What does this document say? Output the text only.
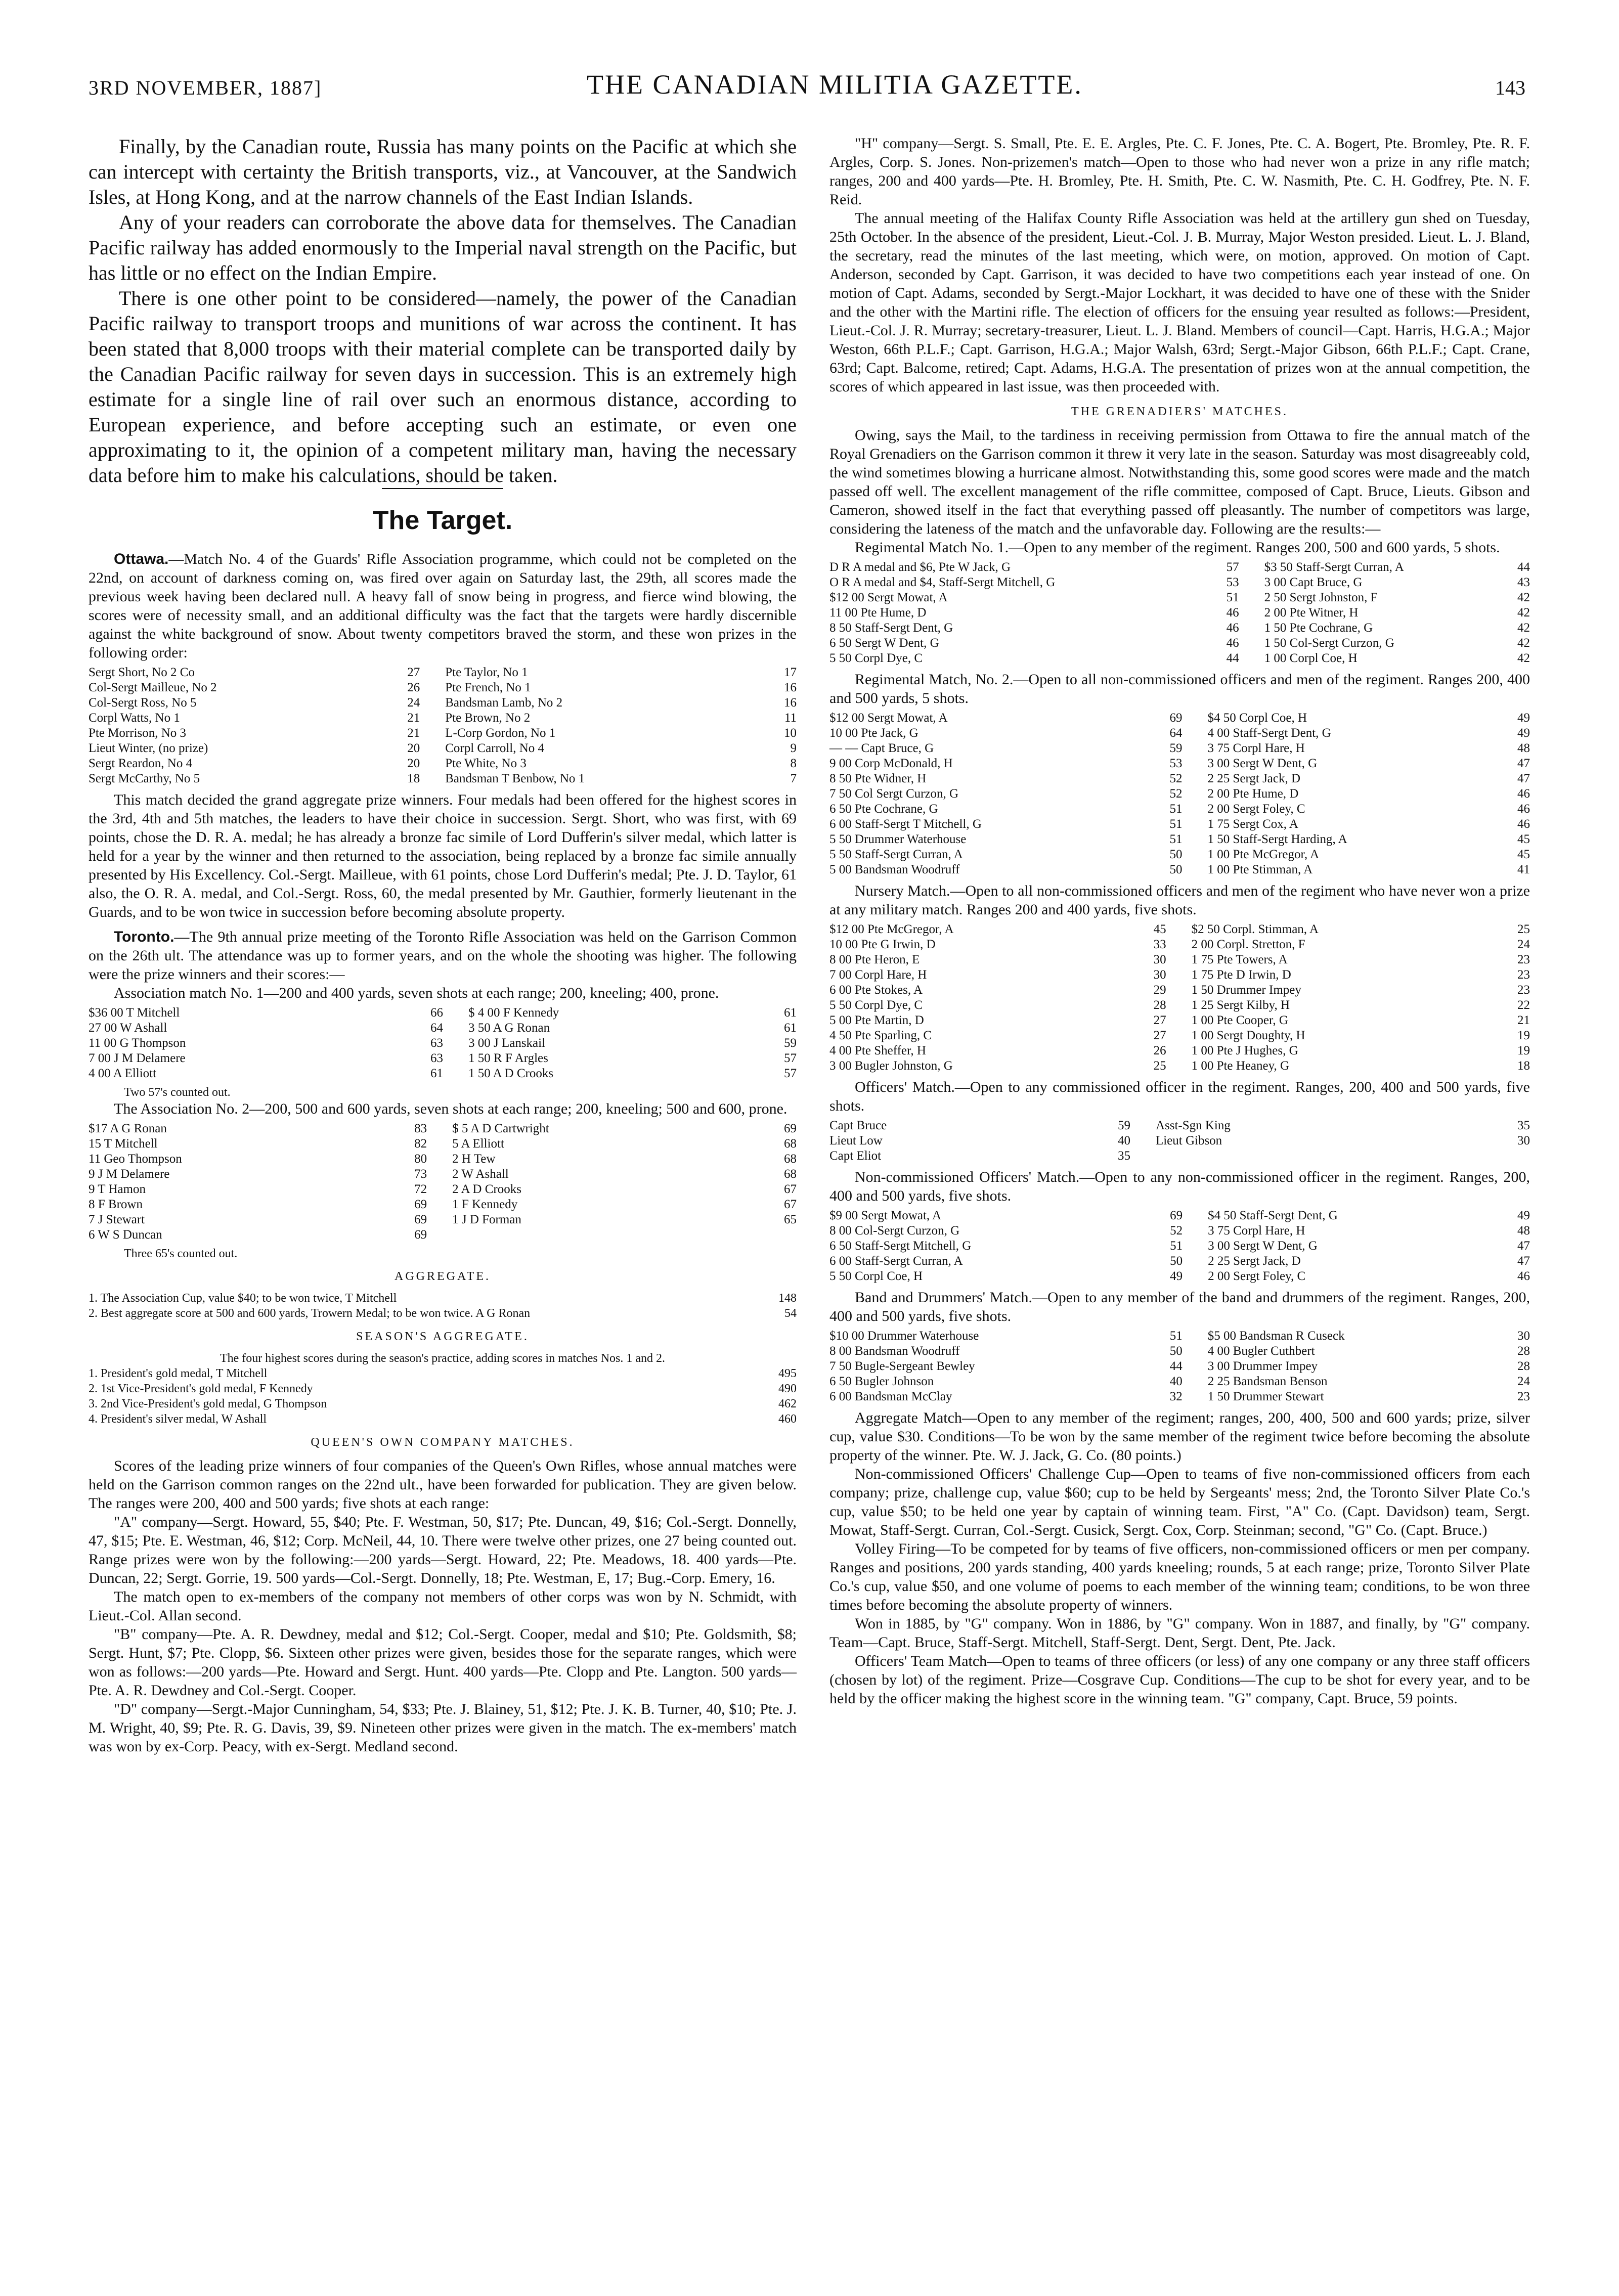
3RD NOVEMBER, 1887]	THE CANADIAN MILITIA GAZETTE.	143

Finally, by the Canadian route, Russia has many points on the Pacific at which she can intercept with certainty the British transports, viz., at Vancouver, at the Sandwich Isles, at Hong Kong, and at the narrow channels of the East Indian Islands.

Any of your readers can corroborate the above data for themselves. The Canadian Pacific railway has added enormously to the Imperial naval strength on the Pacific, but has little or no effect on the Indian Empire.

There is one other point to be considered—namely, the power of the Canadian Pacific railway to transport troops and munitions of war across the continent. It has been stated that 8,000 troops with their material complete can be transported daily by the Canadian Pacific railway for seven days in succession. This is an extremely high estimate for a single line of rail over such an enormous distance, according to European experience, and before accepting such an estimate, or even one approximating to it, the opinion of a competent military man, having the necessary data before him to make his calculations, should be taken.

The Target.

Ottawa.—Match No. 4 of the Guards' Rifle Association programme, which could not be completed on the 22nd, on account of darkness coming on, was fired over again on Saturday last, the 29th, all scores made the previous week having been declared null. A heavy fall of snow being in progress, and fierce wind blowing, the scores were of necessity small, and an additional difficulty was the fact that the targets were hardly discernible against the white background of snow. About twenty competitors braved the storm, and these won prizes in the following order:

Sergt Short, No 2 Co	27	Pte Taylor, No 1	17
Col-Sergt Mailleue, No 2	26	Pte French, No 1	16
Col-Sergt Ross, No 5	24	Bandsman Lamb, No 2	16
Corpl Watts, No 1	21	Pte Brown, No 2	11
Pte Morrison, No 3	21	L-Corp Gordon, No 1	10
Lieut Winter, (no prize)	20	Corpl Carroll, No 4	9
Sergt Reardon, No 4	20	Pte White, No 3	8
Sergt McCarthy, No 5	18	Bandsman T Benbow, No 1	7

This match decided the grand aggregate prize winners. Four medals had been offered for the highest scores in the 3rd, 4th and 5th matches, the leaders to have their choice in succession. Sergt. Short, who was first, with 69 points, chose the D. R. A. medal; he has already a bronze fac simile of Lord Dufferin's silver medal, which latter is held for a year by the winner and then returned to the association, being replaced by a bronze fac simile annually presented by His Excellency. Col.-Sergt. Mailleue, with 61 points, chose Lord Dufferin's medal; Pte. J. D. Taylor, 61 also, the O. R. A. medal, and Col.-Sergt. Ross, 60, the medal presented by Mr. Gauthier, formerly lieutenant in the Guards, and to be won twice in succession before becoming absolute property.

Toronto.—The 9th annual prize meeting of the Toronto Rifle Association was held on the Garrison Common on the 26th ult. The attendance was up to former years, and on the whole the shooting was higher. The following were the prize winners and their scores:—

Association match No. 1—200 and 400 yards, seven shots at each range; 200, kneeling; 400, prone.

$36 00 T Mitchell	66	$ 4 00 F Kennedy	61
27 00 W Ashall	64	3 50 A G Ronan	61
11 00 G Thompson	63	3 00 J Lanskail	59
7 00 J M Delamere	63	1 50 R F Argles	57
4 00 A Elliott	61	1 50 A D Crooks	57
Two 57's counted out.

The Association No. 2—200, 500 and 600 yards, seven shots at each range; 200, kneeling; 500 and 600, prone.

$17 A G Ronan	83	$ 5 A D Cartwright	69
15 T Mitchell	82	5 A Elliott	68
11 Geo Thompson	80	2 H Tew	68
9 J M Delamere	73	2 W Ashall	68
9 T Hamon	72	2 A D Crooks	67
8 F Brown	69	1 F Kennedy	67
7 J Stewart	69	1 J D Forman	65
6 W S Duncan	69		
Three 65's counted out.
AGGREGATE.
1. The Association Cup, value $40; to be won twice, T Mitchell	148
2. Best aggregate score at 500 and 600 yards, Trowern Medal; to be won twice. A G Ronan	54
SEASON'S AGGREGATE.
The four highest scores during the season's practice, adding scores in matches Nos. 1 and 2.
1. President's gold medal, T Mitchell	495
2. 1st Vice-President's gold medal, F Kennedy	490
3. 2nd Vice-President's gold medal, G Thompson	462
4. President's silver medal, W Ashall	460
QUEEN'S OWN COMPANY MATCHES.

Scores of the leading prize winners of four companies of the Queen's Own Rifles, whose annual matches were held on the Garrison common ranges on the 22nd ult., have been forwarded for publication. They are given below. The ranges were 200, 400 and 500 yards; five shots at each range:

"A" company—Sergt. Howard, 55, $40; Pte. F. Westman, 50, $17; Pte. Duncan, 49, $16; Col.-Sergt. Donnelly, 47, $15; Pte. E. Westman, 46, $12; Corp. McNeil, 44, 10. There were twelve other prizes, one 27 being counted out. Range prizes were won by the following:—200 yards—Sergt. Howard, 22; Pte. Meadows, 18. 400 yards—Pte. Duncan, 22; Sergt. Gorrie, 19. 500 yards—Col.-Sergt. Donnelly, 18; Pte. Westman, E, 17; Bug.-Corp. Emery, 16.

The match open to ex-members of the company not members of other corps was won by N. Schmidt, with Lieut.-Col. Allan second.

"B" company—Pte. A. R. Dewdney, medal and $12; Col.-Sergt. Cooper, medal and $10; Pte. Goldsmith, $8; Sergt. Hunt, $7; Pte. Clopp, $6. Sixteen other prizes were given, besides those for the separate ranges, which were won as follows:—200 yards—Pte. Howard and Sergt. Hunt. 400 yards—Pte. Clopp and Pte. Langton. 500 yards—Pte. A. R. Dewdney and Col.-Sergt. Cooper.

"D" company—Sergt.-Major Cunningham, 54, $33; Pte. J. Blainey, 51, $12; Pte. J. K. B. Turner, 40, $10; Pte. J. M. Wright, 40, $9; Pte. R. G. Davis, 39, $9. Nineteen other prizes were given in the match. The ex-members' match was won by ex-Corp. Peacy, with ex-Sergt. Medland second.

"H" company—Sergt. S. Small, Pte. E. E. Argles, Pte. C. F. Jones, Pte. C. A. Bogert, Pte. Bromley, Pte. R. F. Argles, Corp. S. Jones. Non-prizemen's match—Open to those who had never won a prize in any rifle match; ranges, 200 and 400 yards—Pte. H. Bromley, Pte. H. Smith, Pte. C. W. Nasmith, Pte. C. H. Godfrey, Pte. N. F. Reid.

The annual meeting of the Halifax County Rifle Association was held at the artillery gun shed on Tuesday, 25th October. In the absence of the president, Lieut.-Col. J. B. Murray, Major Weston presided. Lieut. L. J. Bland, the secretary, read the minutes of the last meeting, which were, on motion, approved. On motion of Capt. Anderson, seconded by Capt. Garrison, it was decided to have two competitions each year instead of one. On motion of Capt. Adams, seconded by Sergt.-Major Lockhart, it was decided to have one of these with the Snider and the other with the Martini rifle. The election of officers for the ensuing year resulted as follows:—President, Lieut.-Col. J. R. Murray; secretary-treasurer, Lieut. L. J. Bland. Members of council—Capt. Harris, H.G.A.; Major Weston, 66th P.L.F.; Capt. Garrison, H.G.A.; Major Walsh, 63rd; Sergt.-Major Gibson, 66th P.L.F.; Capt. Crane, 63rd; Capt. Balcome, retired; Capt. Adams, H.G.A. The presentation of prizes won at the annual competition, the scores of which appeared in last issue, was then proceeded with.

THE GRENADIERS' MATCHES.

Owing, says the Mail, to the tardiness in receiving permission from Ottawa to fire the annual match of the Royal Grenadiers on the Garrison common it threw it very late in the season. Saturday was most disagreeably cold, the wind sometimes blowing a hurricane almost. Notwithstanding this, some good scores were made and the match passed off well. The excellent management of the rifle committee, composed of Capt. Bruce, Lieuts. Gibson and Cameron, showed itself in the fact that everything passed off pleasantly. The number of competitors was large, considering the lateness of the match and the unfavorable day. Following are the results:—

Regimental Match No. 1.—Open to any member of the regiment. Ranges 200, 500 and 600 yards, 5 shots.

D R A medal and $6, Pte W Jack, G	57	$3 50 Staff-Sergt Curran, A	44
O R A medal and $4, Staff-Sergt Mitchell, G	53	3 00 Capt Bruce, G	43
$12 00 Sergt Mowat, A	51	2 50 Sergt Johnston, F	42
11 00 Pte Hume, D	46	2 00 Pte Witner, H	42
8 50 Staff-Sergt Dent, G	46	1 50 Pte Cochrane, G	42
6 50 Sergt W Dent, G	46	1 50 Col-Sergt Curzon, G	42
5 50 Corpl Dye, C	44	1 00 Corpl Coe, H	42

Regimental Match, No. 2.—Open to all non-commissioned officers and men of the regiment. Ranges 200, 400 and 500 yards, 5 shots.

$12 00 Sergt Mowat, A	69	$4 50 Corpl Coe, H	49
10 00 Pte Jack, G	64	4 00 Staff-Sergt Dent, G	49
— — Capt Bruce, G	59	3 75 Corpl Hare, H	48
9 00 Corp McDonald, H	53	3 00 Sergt W Dent, G	47
8 50 Pte Widner, H	52	2 25 Sergt Jack, D	47
7 50 Col Sergt Curzon, G	52	2 00 Pte Hume, D	46
6 50 Pte Cochrane, G	51	2 00 Sergt Foley, C	46
6 00 Staff-Sergt T Mitchell, G	51	1 75 Sergt Cox, A	46
5 50 Drummer Waterhouse	51	1 50 Staff-Sergt Harding, A	45
5 50 Staff-Sergt Curran, A	50	1 00 Pte McGregor, A	45
5 00 Bandsman Woodruff	50	1 00 Pte Stimman, A	41

Nursery Match.—Open to all non-commissioned officers and men of the regiment who have never won a prize at any military match. Ranges 200 and 400 yards, five shots.

$12 00 Pte McGregor, A	45	$2 50 Corpl. Stimman, A	25
10 00 Pte G Irwin, D	33	2 00 Corpl. Stretton, F	24
8 00 Pte Heron, E	30	1 75 Pte Towers, A	23
7 00 Corpl Hare, H	30	1 75 Pte D Irwin, D	23
6 00 Pte Stokes, A	29	1 50 Drummer Impey	23
5 50 Corpl Dye, C	28	1 25 Sergt Kilby, H	22
5 00 Pte Martin, D	27	1 00 Pte Cooper, G	21
4 50 Pte Sparling, C	27	1 00 Sergt Doughty, H	19
4 00 Pte Sheffer, H	26	1 00 Pte J Hughes, G	19
3 00 Bugler Johnston, G	25	1 00 Pte Heaney, G	18

Officers' Match.—Open to any commissioned officer in the regiment. Ranges, 200, 400 and 500 yards, five shots.

Capt Bruce	59	Asst-Sgn King	35
Lieut Low	40	Lieut Gibson	30
Capt Eliot	35		

Non-commissioned Officers' Match.—Open to any non-commissioned officer in the regiment. Ranges, 200, 400 and 500 yards, five shots.

$9 00 Sergt Mowat, A	69	$4 50 Staff-Sergt Dent, G	49
8 00 Col-Sergt Curzon, G	52	3 75 Corpl Hare, H	48
6 50 Staff-Sergt Mitchell, G	51	3 00 Sergt W Dent, G	47
6 00 Staff-Sergt Curran, A	50	2 25 Sergt Jack, D	47
5 50 Corpl Coe, H	49	2 00 Sergt Foley, C	46

Band and Drummers' Match.—Open to any member of the band and drummers of the regiment. Ranges, 200, 400 and 500 yards, five shots.

$10 00 Drummer Waterhouse	51	$5 00 Bandsman R Cuseck	30
8 00 Bandsman Woodruff	50	4 00 Bugler Cuthbert	28
7 50 Bugle-Sergeant Bewley	44	3 00 Drummer Impey	28
6 50 Bugler Johnson	40	2 25 Bandsman Benson	24
6 00 Bandsman McClay	32	1 50 Drummer Stewart	23

Aggregate Match—Open to any member of the regiment; ranges, 200, 400, 500 and 600 yards; prize, silver cup, value $30. Conditions—To be won by the same member of the regiment twice before becoming the absolute property of the winner. Pte. W. J. Jack, G. Co. (80 points.)

Non-commissioned Officers' Challenge Cup—Open to teams of five non-commissioned officers from each company; prize, challenge cup, value $60; cup to be held by Sergeants' mess; 2nd, the Toronto Silver Plate Co.'s cup, value $50; to be held one year by captain of winning team. First, "A" Co. (Capt. Davidson) team, Sergt. Mowat, Staff-Sergt. Curran, Col.-Sergt. Cusick, Sergt. Cox, Corp. Steinman; second, "G" Co. (Capt. Bruce.)

Volley Firing—To be competed for by teams of five officers, non-commissioned officers or men per company. Ranges and positions, 200 yards standing, 400 yards kneeling; rounds, 5 at each range; prize, Toronto Silver Plate Co.'s cup, value $50, and one volume of poems to each member of the winning team; conditions, to be won three times before becoming the absolute property of winners.

Won in 1885, by "G" company. Won in 1886, by "G" company. Won in 1887, and finally, by "G" company. Team—Capt. Bruce, Staff-Sergt. Mitchell, Staff-Sergt. Dent, Sergt. Dent, Pte. Jack.

Officers' Team Match—Open to teams of three officers (or less) of any one company or any three staff officers (chosen by lot) of the regiment. Prize—Cosgrave Cup. Conditions—The cup to be shot for every year, and to be held by the officer making the highest score in the winning team. "G" company, Capt. Bruce, 59 points.
